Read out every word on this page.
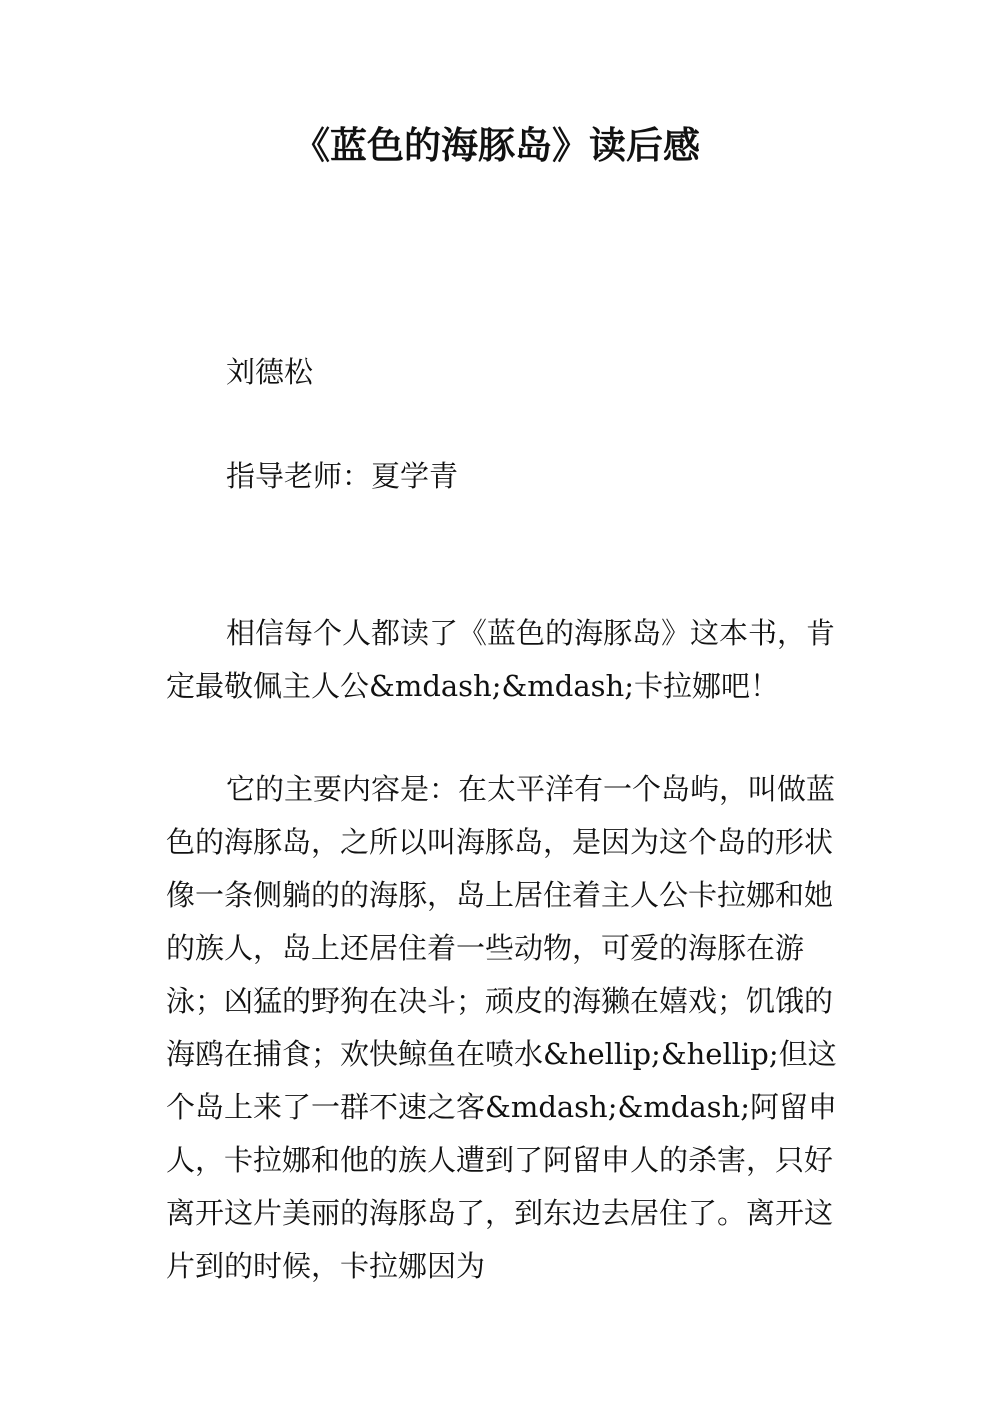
《蓝色的海豚岛》读后感
刘德松
指导老师：夏学青
相信每个人都读了《蓝色的海豚岛》这本书，肯定最敬佩主人公&mdash;&mdash;卡拉娜吧！
它的主要内容是：在太平洋有一个岛屿，叫做蓝色的海豚岛，之所以叫海豚岛，是因为这个岛的形状像一条侧躺的的海豚，岛上居住着主人公卡拉娜和她的族人，岛上还居住着一些动物，可爱的海豚在游泳；凶猛的野狗在决斗；顽皮的海獭在嬉戏；饥饿的海鸥在捕食；欢快鲸鱼在喷水&hellip;&hellip;但这个岛上来了一群不速之客&mdash;&mdash;阿留申人，卡拉娜和他的族人遭到了阿留申人的杀害，只好离开这片美丽的海豚岛了，到东边去居住了。离开这片到的时候，卡拉娜因为
